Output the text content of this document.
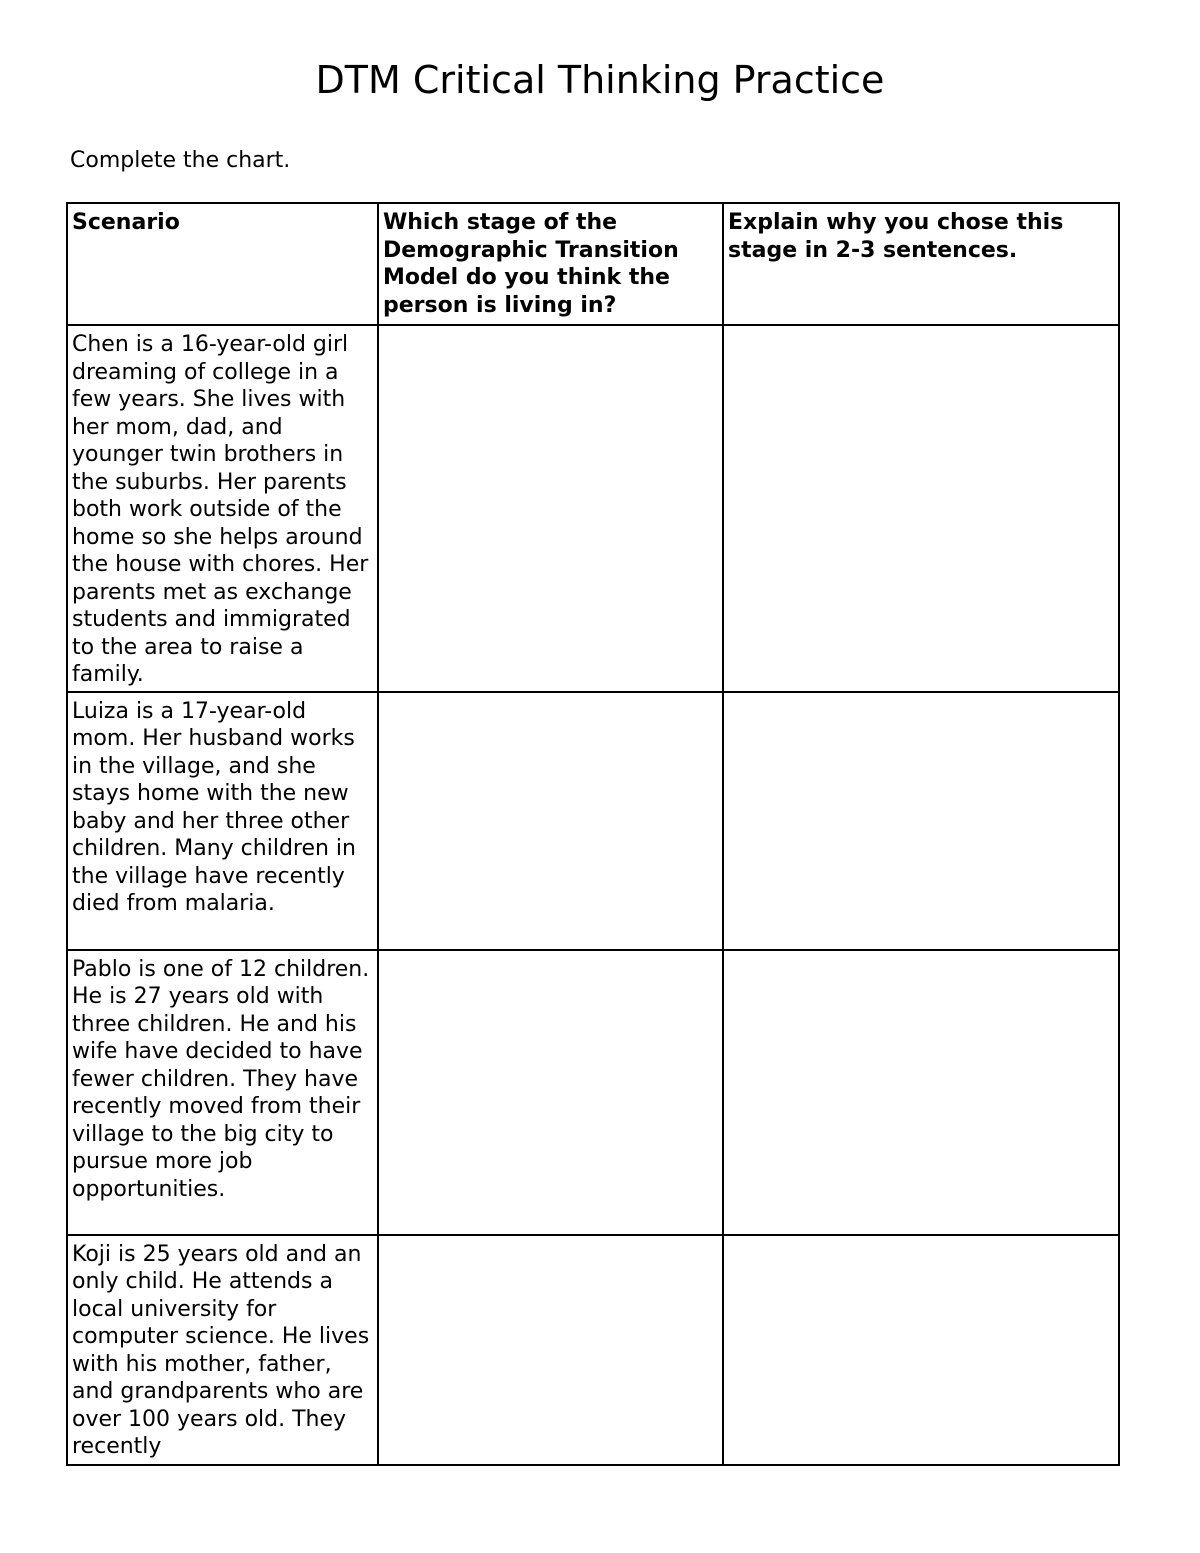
DTM Critical Thinking Practice

Complete the chart.

Scenario	Which stage of the Demographic Transition Model do you think the person is living in?	Explain why you chose this stage in 2-3 sentences.
Chen is a 16-year-old girl dreaming of college in a few years. She lives with her mom, dad, and younger twin brothers in the suburbs. Her parents both work outside of the home so she helps around the house with chores. Her parents met as exchange students and immigrated to the area to raise a family.		
Luiza is a 17-year-old mom. Her husband works in the village, and she stays home with the new baby and her three other children. Many children in the village have recently died from malaria.		
Pablo is one of 12 children. He is 27 years old with three children. He and his wife have decided to have fewer children. They have recently moved from their village to the big city to pursue more job opportunities.		
Koji is 25 years old and an only child. He attends a local university for computer science. He lives with his mother, father, and grandparents who are over 100 years old. They recently		
